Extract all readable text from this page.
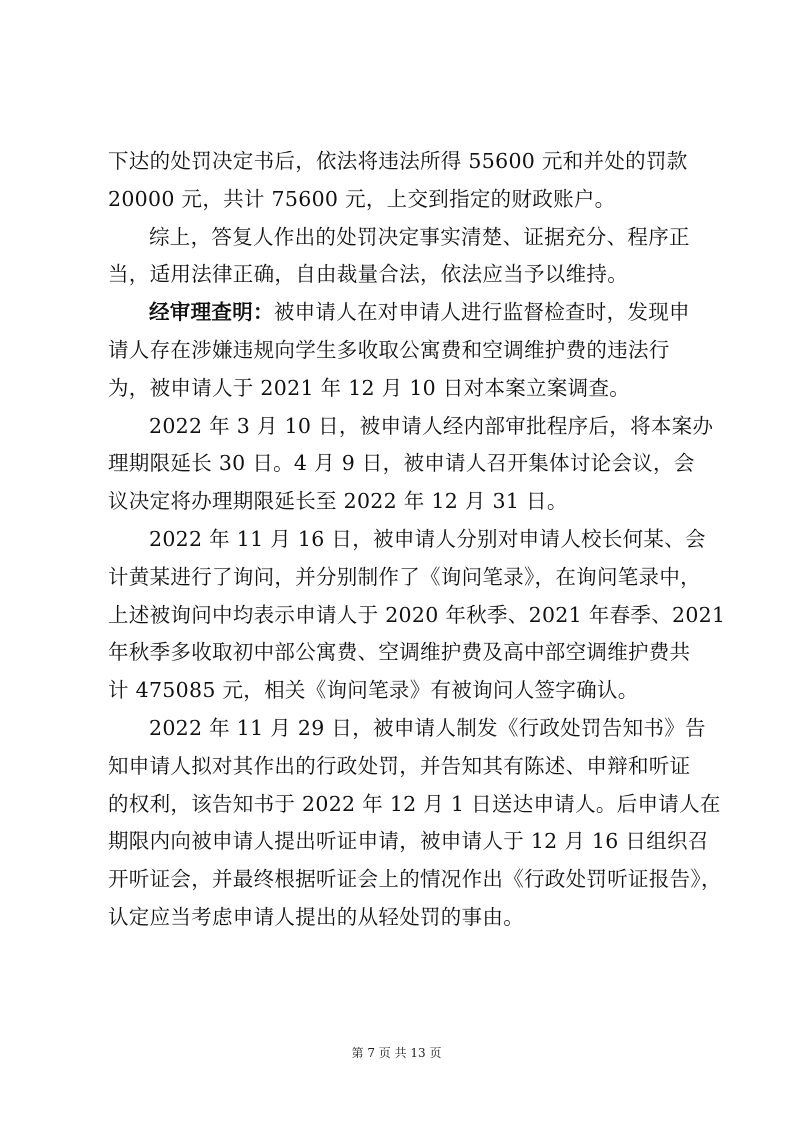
下达的处罚决定书后，依法将违法所得 55600 元和并处的罚款
20000 元，共计 75600 元，上交到指定的财政账户。
综上，答复人作出的处罚决定事实清楚、证据充分、程序正
当，适用法律正确，自由裁量合法，依法应当予以维持。
经审理查明：被申请人在对申请人进行监督检查时，发现申
请人存在涉嫌违规向学生多收取公寓费和空调维护费的违法行
为，被申请人于 2021 年 12 月 10 日对本案立案调查。
2022 年 3 月 10 日，被申请人经内部审批程序后，将本案办
理期限延长 30 日。4 月 9 日，被申请人召开集体讨论会议，会
议决定将办理期限延长至 2022 年 12 月 31 日。
2022 年 11 月 16 日，被申请人分别对申请人校长何某、会
计黄某进行了询问，并分别制作了《询问笔录》，在询问笔录中，
上述被询问中均表示申请人于 2020 年秋季、2021 年春季、2021
年秋季多收取初中部公寓费、空调维护费及高中部空调维护费共
计 475085 元，相关《询问笔录》有被询问人签字确认。
2022 年 11 月 29 日，被申请人制发《行政处罚告知书》告
知申请人拟对其作出的行政处罚，并告知其有陈述、申辩和听证
的权利，该告知书于 2022 年 12 月 1 日送达申请人。后申请人在
期限内向被申请人提出听证申请，被申请人于 12 月 16 日组织召
开听证会，并最终根据听证会上的情况作出《行政处罚听证报告》，
认定应当考虑申请人提出的从轻处罚的事由。
第 7 页 共 13 页
